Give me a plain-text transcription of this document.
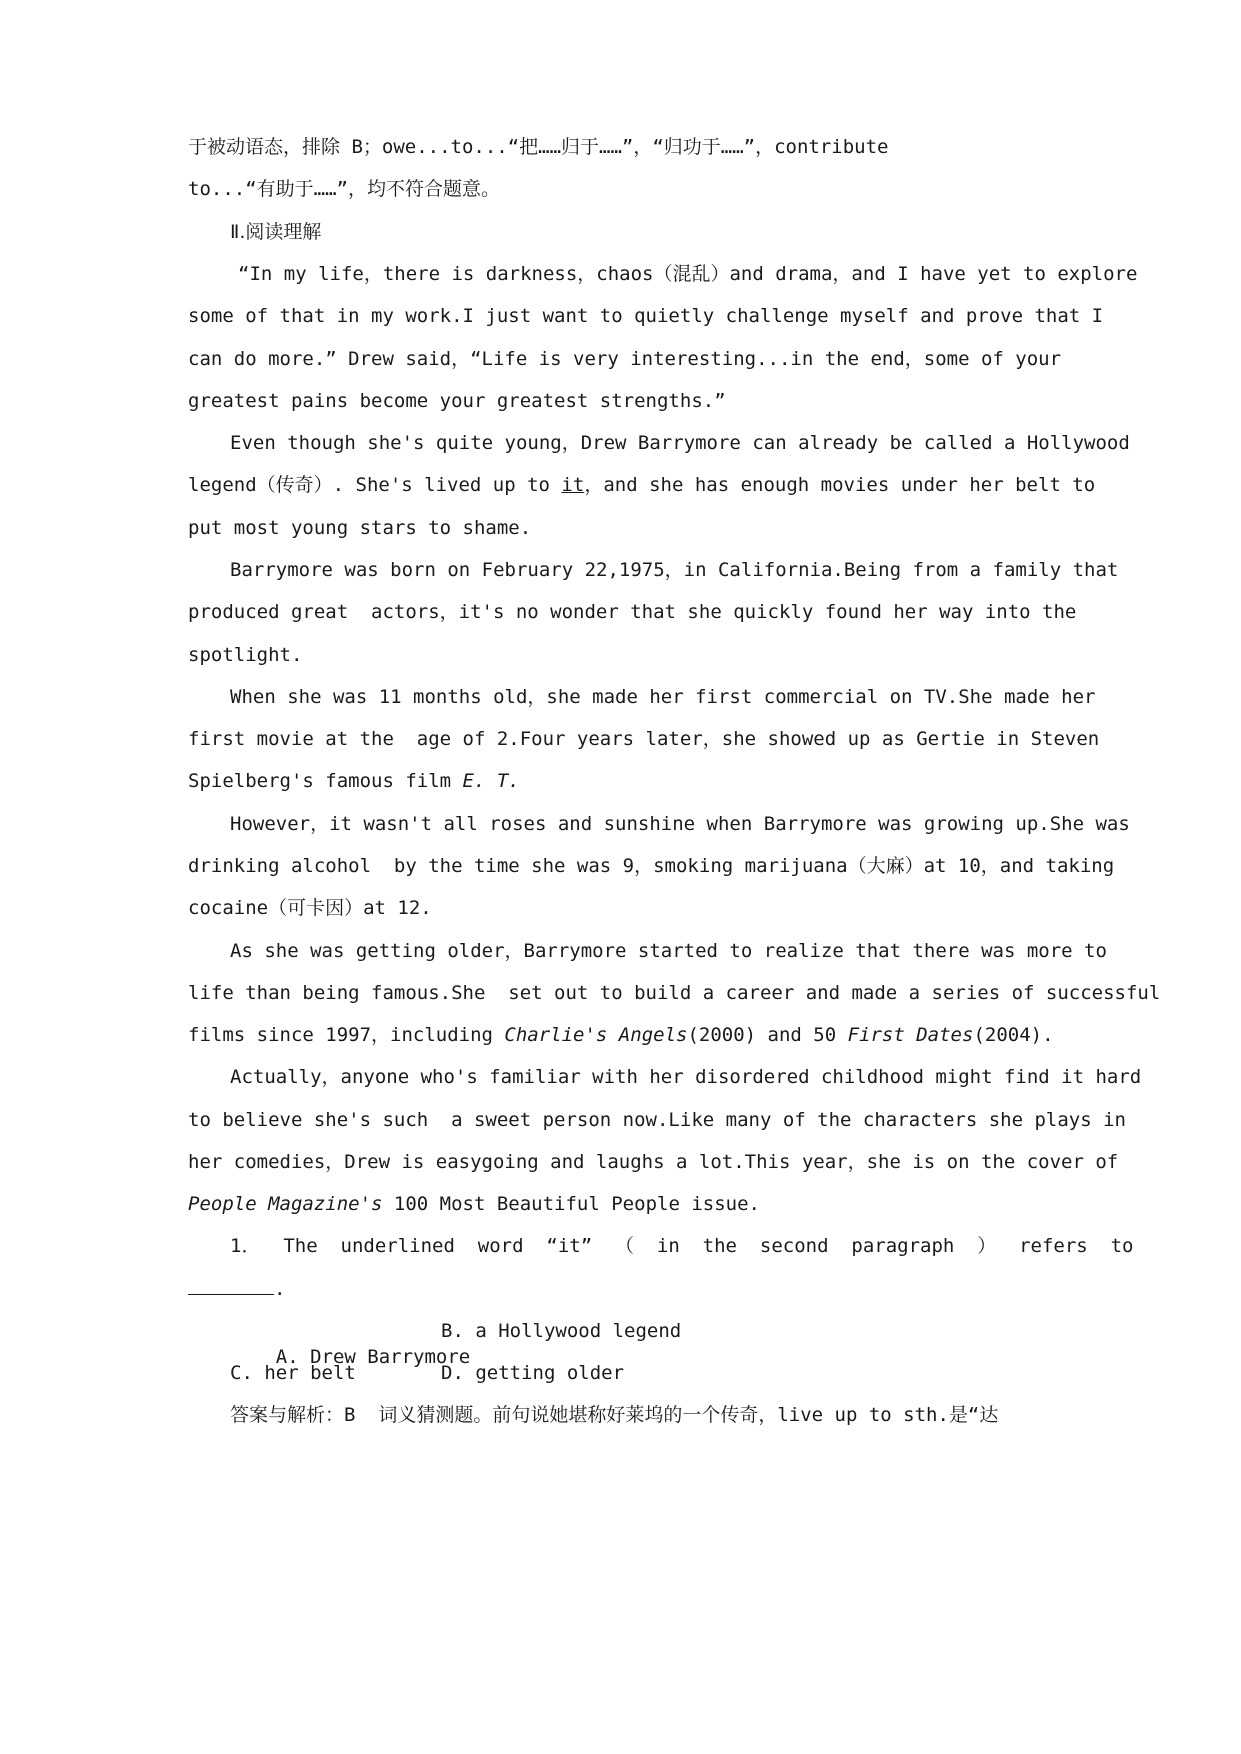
于被动语态，排除 B；owe...to...“把……归于……”，“归功于……”，contribute
to...“有助于……”，均不符合题意。
Ⅱ.阅读理解
“In my life，there is darkness，chaos（混乱）and drama，and I have yet to explore
some of that in my work.I just want to quietly challenge myself and prove that I
can do more.” Drew said，“Life is very interesting...in the end，some of your
greatest pains become your greatest strengths.”
Even though she's quite young，Drew Barrymore can already be called a Hollywood
legend（传奇）. She's lived up to it，and she has enough movies under her belt to
put most young stars to shame.
Barrymore was born on February 22,1975，in California.Being from a family that
produced great  actors，it's no wonder that she quickly found her way into the
spotlight.
When she was 11 months old，she made her first commercial on TV.She made her
first movie at the  age of 2.Four years later，she showed up as Gertie in Steven
Spielberg's famous film E. T.
However，it wasn't all roses and sunshine when Barrymore was growing up.She was
drinking alcohol  by the time she was 9，smoking marijuana（大麻）at 10，and taking
cocaine（可卡因）at 12.
As she was getting older，Barrymore started to realize that there was more to
life than being famous.She  set out to build a career and made a series of successful
films since 1997，including Charlie's Angels(2000) and 50 First Dates(2004).
Actually，anyone who's familiar with her disordered childhood might find it hard
to believe she's such  a sweet person now.Like many of the characters she plays in
her comedies，Drew is easygoing and laughs a lot.This year，she is on the cover of
People Magazine's 100 Most Beautiful People issue.
1．  The  underlined  word  “it”  （  in  the  second  paragraph  ）  refers  to
.

A. Drew Barrymore

B. a Hollywood legend
C. her belt	D. getting older
答案与解析：B  词义猜测题。前句说她堪称好莱坞的一个传奇，live up to sth.是“达
